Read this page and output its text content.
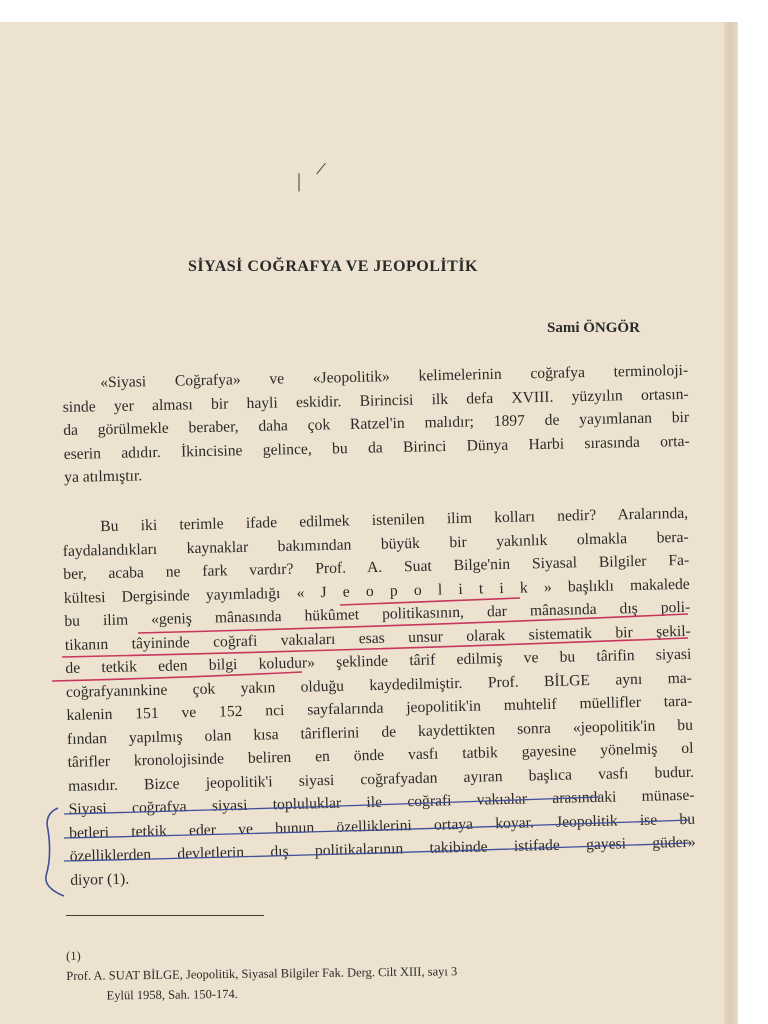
|
/
SİYASİ COĞRAFYA VE JEOPOLİTİK
Sami ÖNGÖR
«Siyasi Coğrafya» ve «Jeopolitik» kelimelerinin coğrafya terminoloji-
sinde yer alması bir hayli eskidir. Birincisi ilk defa XVIII. yüzyılın ortasın-
da görülmekle beraber, daha çok Ratzel'in malıdır; 1897 de yayımlanan bir
eserin adıdır. İkincisine gelince, bu da Birinci Dünya Harbi sırasında orta-
ya atılmıştır.
Bu iki terimle ifade edilmek istenilen ilim kolları nedir? Aralarında,
faydalandıkları kaynaklar bakımından büyük bir yakınlık olmakla bera-
ber, acaba ne fark vardır? Prof. A. Suat Bilge'nin Siyasal Bilgiler Fa-
kültesi Dergisinde yayımladığı « J e o p o l i t i k » başlıklı makalede
bu ilim «geniş mânasında hükûmet politikasının, dar mânasında dış poli-
tikanın tâyininde coğrafi vakıaları esas unsur olarak sistematik bir şekil-
de tetkik eden bilgi koludur» şeklinde târif edilmiş ve bu târifin siyasi
coğrafyanınkine çok yakın olduğu kaydedilmiştir. Prof. BİLGE aynı ma-
kalenin 151 ve 152 nci sayfalarında jeopolitik'in muhtelif müellifler tara-
fından yapılmış olan kısa târiflerini de kaydettikten sonra «jeopolitik'in bu
târifler kronolojisinde beliren en önde vasfı tatbik gayesine yönelmiş ol
masıdır. Bizce jeopolitik'i siyasi coğrafyadan ayıran başlıca vasfı budur.
Siyasi coğrafya siyasi topluluklar ile coğrafi vakıalar arasındaki münase-
betleri tetkik eder ve bunun özelliklerini ortaya koyar. Jeopolitik ise bu
özelliklerden devletlerin dış politikalarının takibinde istifade gayesi güder»
diyor (1).
(1)
Prof. A. SUAT BİLGE, Jeopolitik, Siyasal Bilgiler Fak. Derg. Cilt XIII, sayı 3
Eylül 1958, Sah. 150-174.
